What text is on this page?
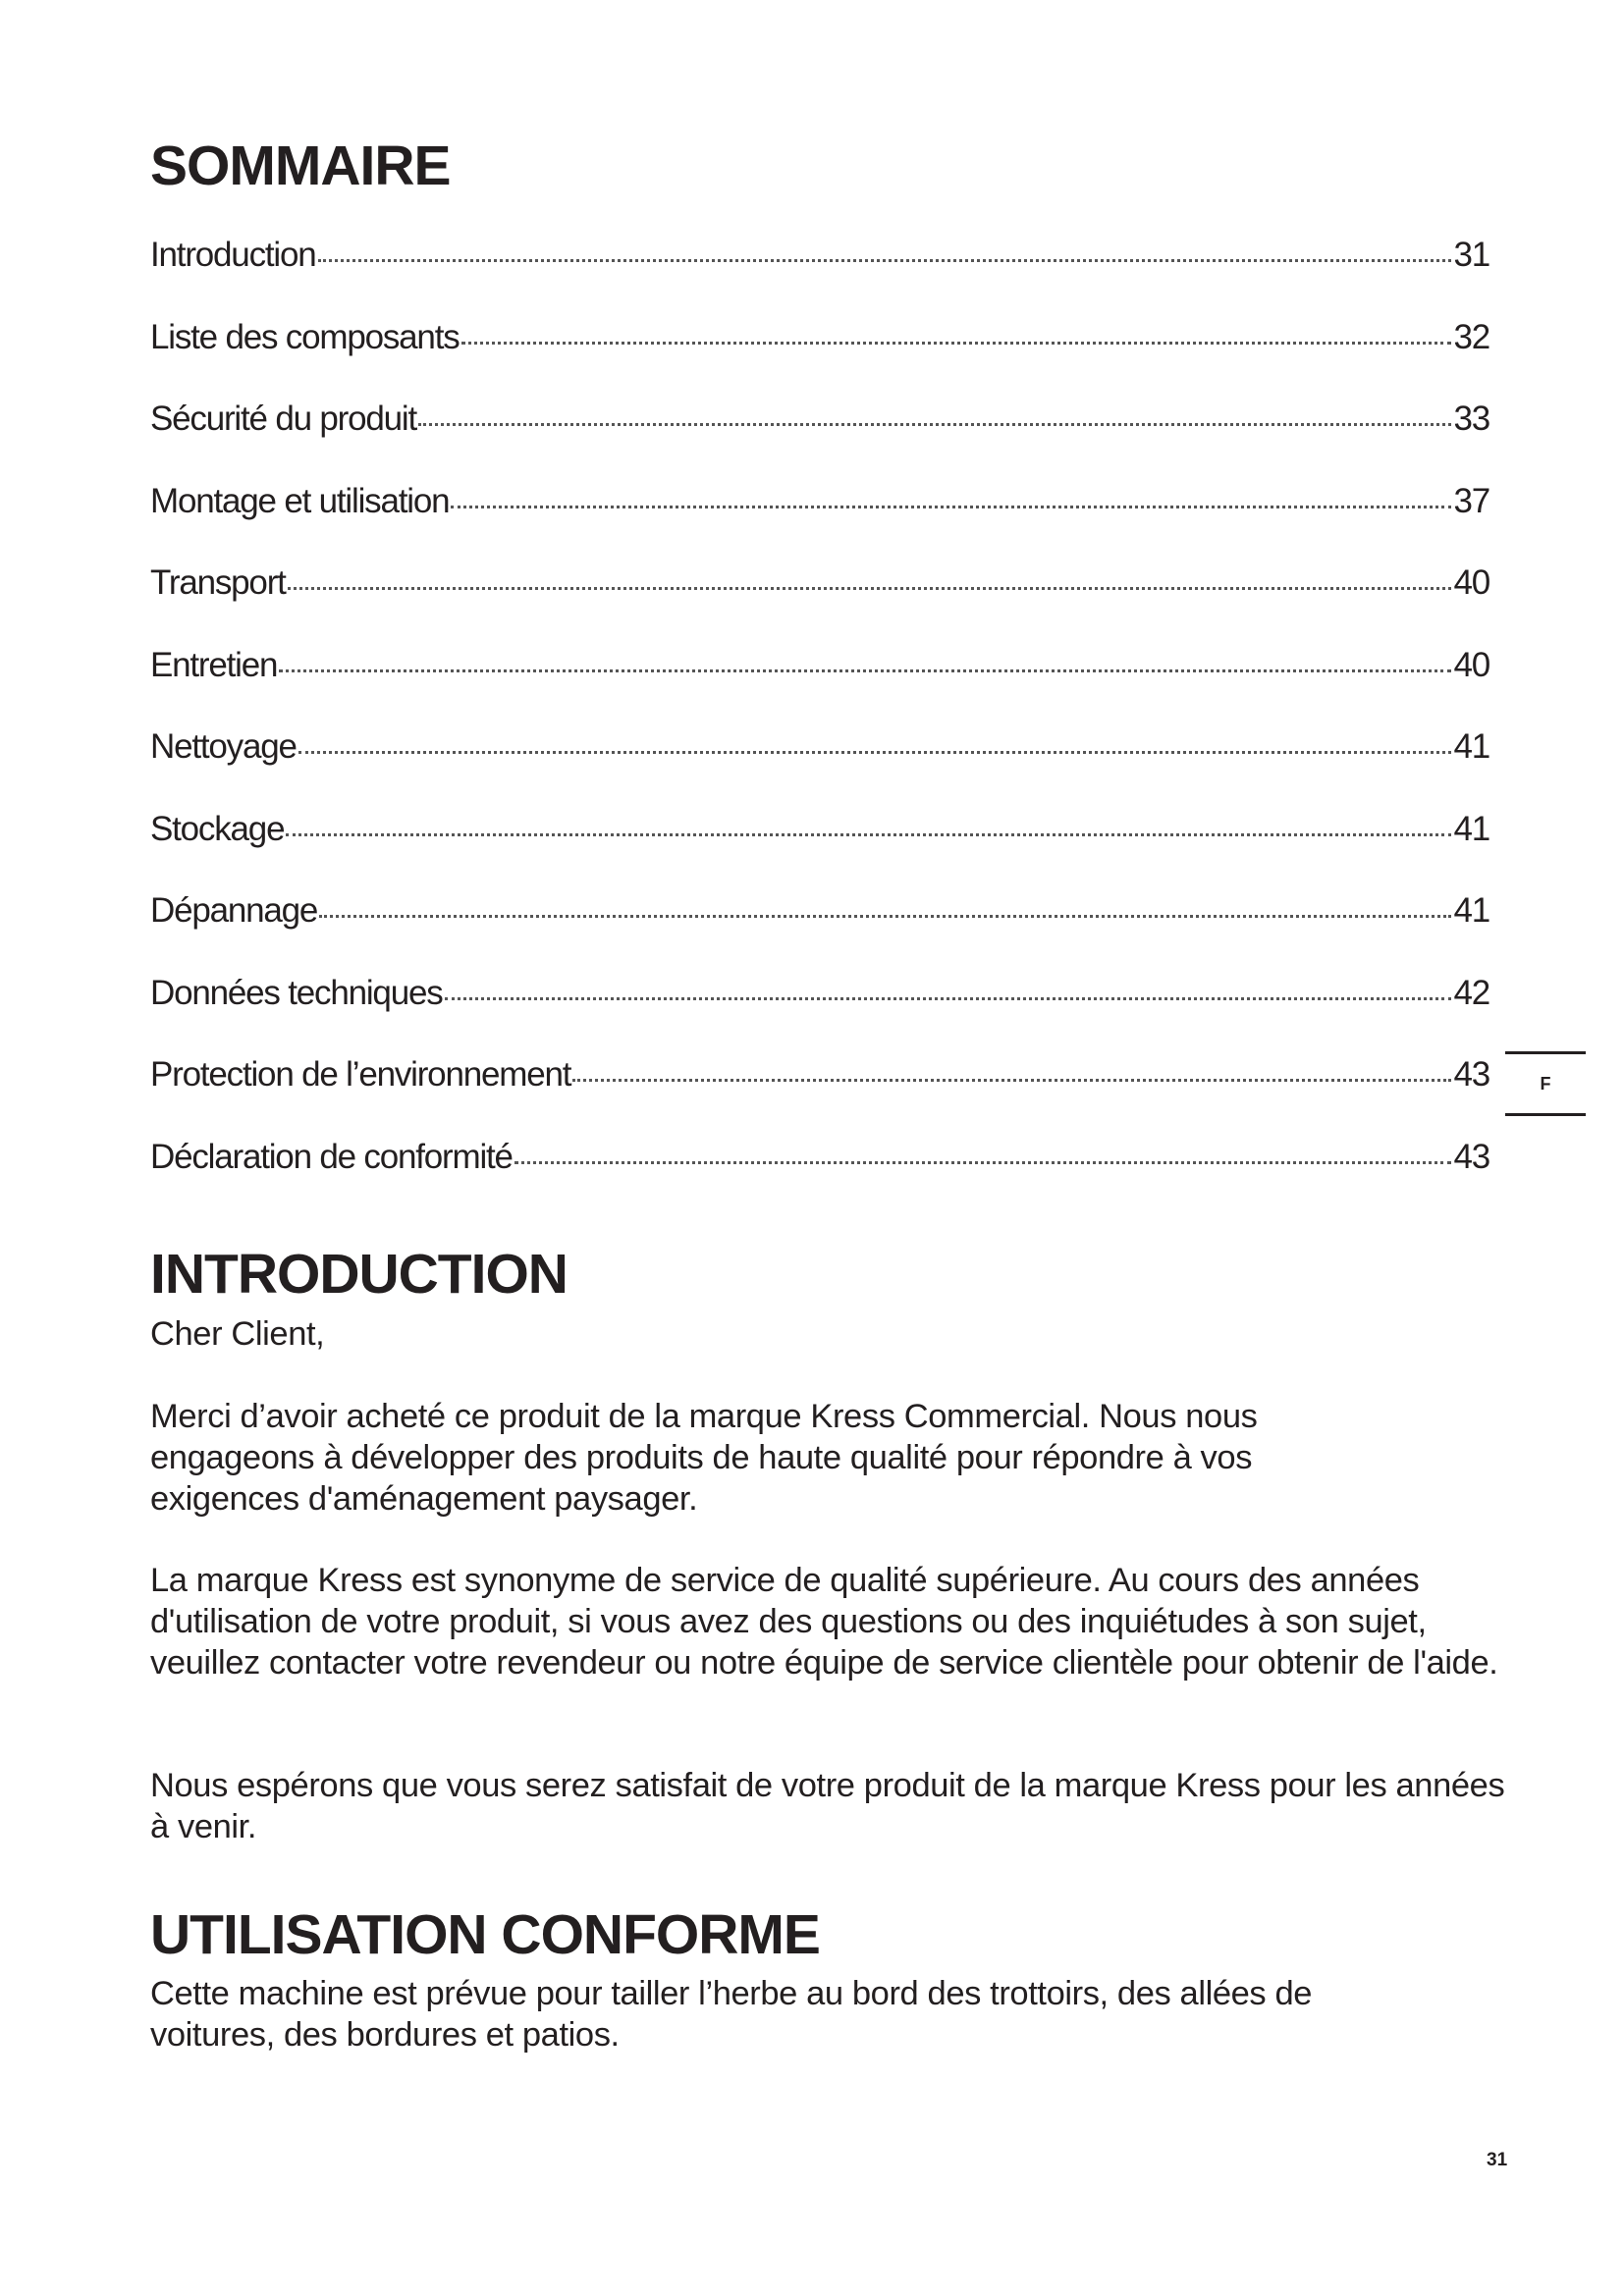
SOMMAIRE
Introduction	31
Liste des composants	32
Sécurité du produit	33
Montage et utilisation	37
Transport	40
Entretien	40
Nettoyage	41
Stockage	41
Dépannage	41
Données techniques	42
Protection de l’environnement	43
Déclaration de conformité	43
F
INTRODUCTION

Cher Client,

Merci d’avoir acheté ce produit de la marque Kress Commercial. Nous nous engageons à développer des produits de haute qualité pour répondre à vos exigences d'aménagement paysager.

La marque Kress est synonyme de service de qualité supérieure. Au cours des années d'utilisation de votre produit, si vous avez des questions ou des inquiétudes à son sujet, veuillez contacter votre revendeur ou notre équipe de service clientèle pour obtenir de l'aide.

Nous espérons que vous serez satisfait de votre produit de la marque Kress pour les années à venir.

UTILISATION CONFORME

Cette machine est prévue pour tailler l’herbe au bord des trottoirs, des allées de voitures, des bordures et patios.

31
